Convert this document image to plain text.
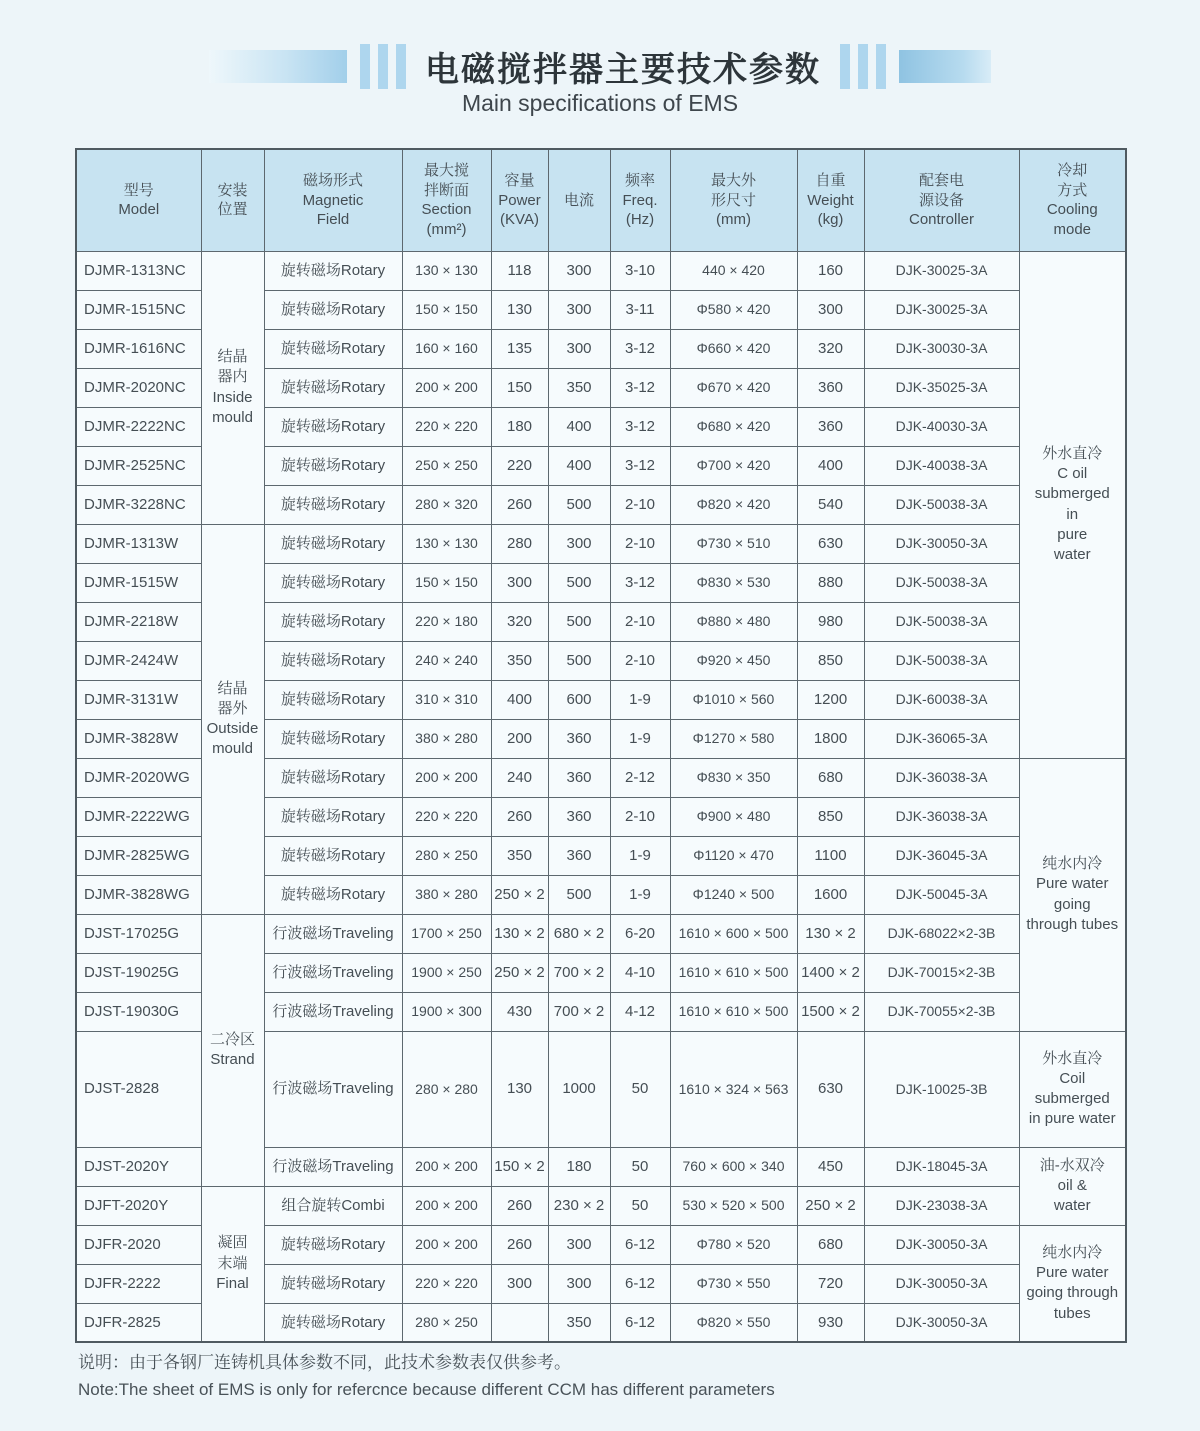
电磁搅拌器主要技术参数
Main specifications of EMS
型号
Model	安装
位置	磁场形式
Magnetic
Field	最大搅
拌断面
Section
(mm²)	容量
Power
(KVA)	电流	频率
Freq.
(Hz)	最大外
形尺寸
(mm)	自重
Weight
(kg)	配套电
源设备
Controller	冷却
方式
Cooling
mode
DJMR-1313NC	结晶
器内
Inside
mould	旋转磁场Rotary	130 × 130	118	300	3-10	440 × 420	160	DJK-30025-3A	外水直冷
C oil
submerged
in
pure
water
DJMR-1515NC		旋转磁场Rotary	150 × 150	130	300	3-11	Φ580 × 420	300	DJK-30025-3A	
DJMR-1616NC		旋转磁场Rotary	160 × 160	135	300	3-12	Φ660 × 420	320	DJK-30030-3A	
DJMR-2020NC		旋转磁场Rotary	200 × 200	150	350	3-12	Φ670 × 420	360	DJK-35025-3A	
DJMR-2222NC		旋转磁场Rotary	220 × 220	180	400	3-12	Φ680 × 420	360	DJK-40030-3A	
DJMR-2525NC		旋转磁场Rotary	250 × 250	220	400	3-12	Φ700 × 420	400	DJK-40038-3A	
DJMR-3228NC		旋转磁场Rotary	280 × 320	260	500	2-10	Φ820 × 420	540	DJK-50038-3A	
DJMR-1313W	结晶
器外
Outside
mould	旋转磁场Rotary	130 × 130	280	300	2-10	Φ730 × 510	630	DJK-30050-3A	
DJMR-1515W		旋转磁场Rotary	150 × 150	300	500	3-12	Φ830 × 530	880	DJK-50038-3A	
DJMR-2218W		旋转磁场Rotary	220 × 180	320	500	2-10	Φ880 × 480	980	DJK-50038-3A	
DJMR-2424W		旋转磁场Rotary	240 × 240	350	500	2-10	Φ920 × 450	850	DJK-50038-3A	
DJMR-3131W		旋转磁场Rotary	310 × 310	400	600	1-9	Φ1010 × 560	1200	DJK-60038-3A	
DJMR-3828W		旋转磁场Rotary	380 × 280	200	360	1-9	Φ1270 × 580	1800	DJK-36065-3A	
DJMR-2020WG		旋转磁场Rotary	200 × 200	240	360	2-12	Φ830 × 350	680	DJK-36038-3A	纯水内冷
Pure water
going
through tubes
DJMR-2222WG		旋转磁场Rotary	220 × 220	260	360	2-10	Φ900 × 480	850	DJK-36038-3A	
DJMR-2825WG		旋转磁场Rotary	280 × 250	350	360	1-9	Φ1120 × 470	1100	DJK-36045-3A	
DJMR-3828WG		旋转磁场Rotary	380 × 280	250 × 2	500	1-9	Φ1240 × 500	1600	DJK-50045-3A	
DJST-17025G	二冷区
Strand	行波磁场Traveling	1700 × 250	130 × 2	680 × 2	6-20	1610 × 600 × 500	130 × 2	DJK-68022×2-3B	
DJST-19025G		行波磁场Traveling	1900 × 250	250 × 2	700 × 2	4-10	1610 × 610 × 500	1400 × 2	DJK-70015×2-3B	
DJST-19030G		行波磁场Traveling	1900 × 300	430	700 × 2	4-12	1610 × 610 × 500	1500 × 2	DJK-70055×2-3B	
DJST-2828		行波磁场Traveling	280 × 280	130	1000	50	1610 × 324 × 563	630	DJK-10025-3B	外水直冷
Coil
submerged
in pure water
DJST-2020Y		行波磁场Traveling	200 × 200	150 × 2	180	50	760 × 600 × 340	450	DJK-18045-3A	油-水双冷
oil &
water
DJFT-2020Y	凝固
末端
Final	组合旋转Combi	200 × 200	260	230 × 2	50	530 × 520 × 500	250 × 2	DJK-23038-3A	
DJFR-2020		旋转磁场Rotary	200 × 200	260	300	6-12	Φ780 × 520	680	DJK-30050-3A	纯水内冷
Pure water
going through
tubes
DJFR-2222		旋转磁场Rotary	220 × 220	300	300	6-12	Φ730 × 550	720	DJK-30050-3A	
DJFR-2825		旋转磁场Rotary	280 × 250		350	6-12	Φ820 × 550	930	DJK-30050-3A	
说明：由于各钢厂连铸机具体参数不同，此技术参数表仅供参考。
Note:The sheet of EMS is only for refercnce because different CCM has different parameters
